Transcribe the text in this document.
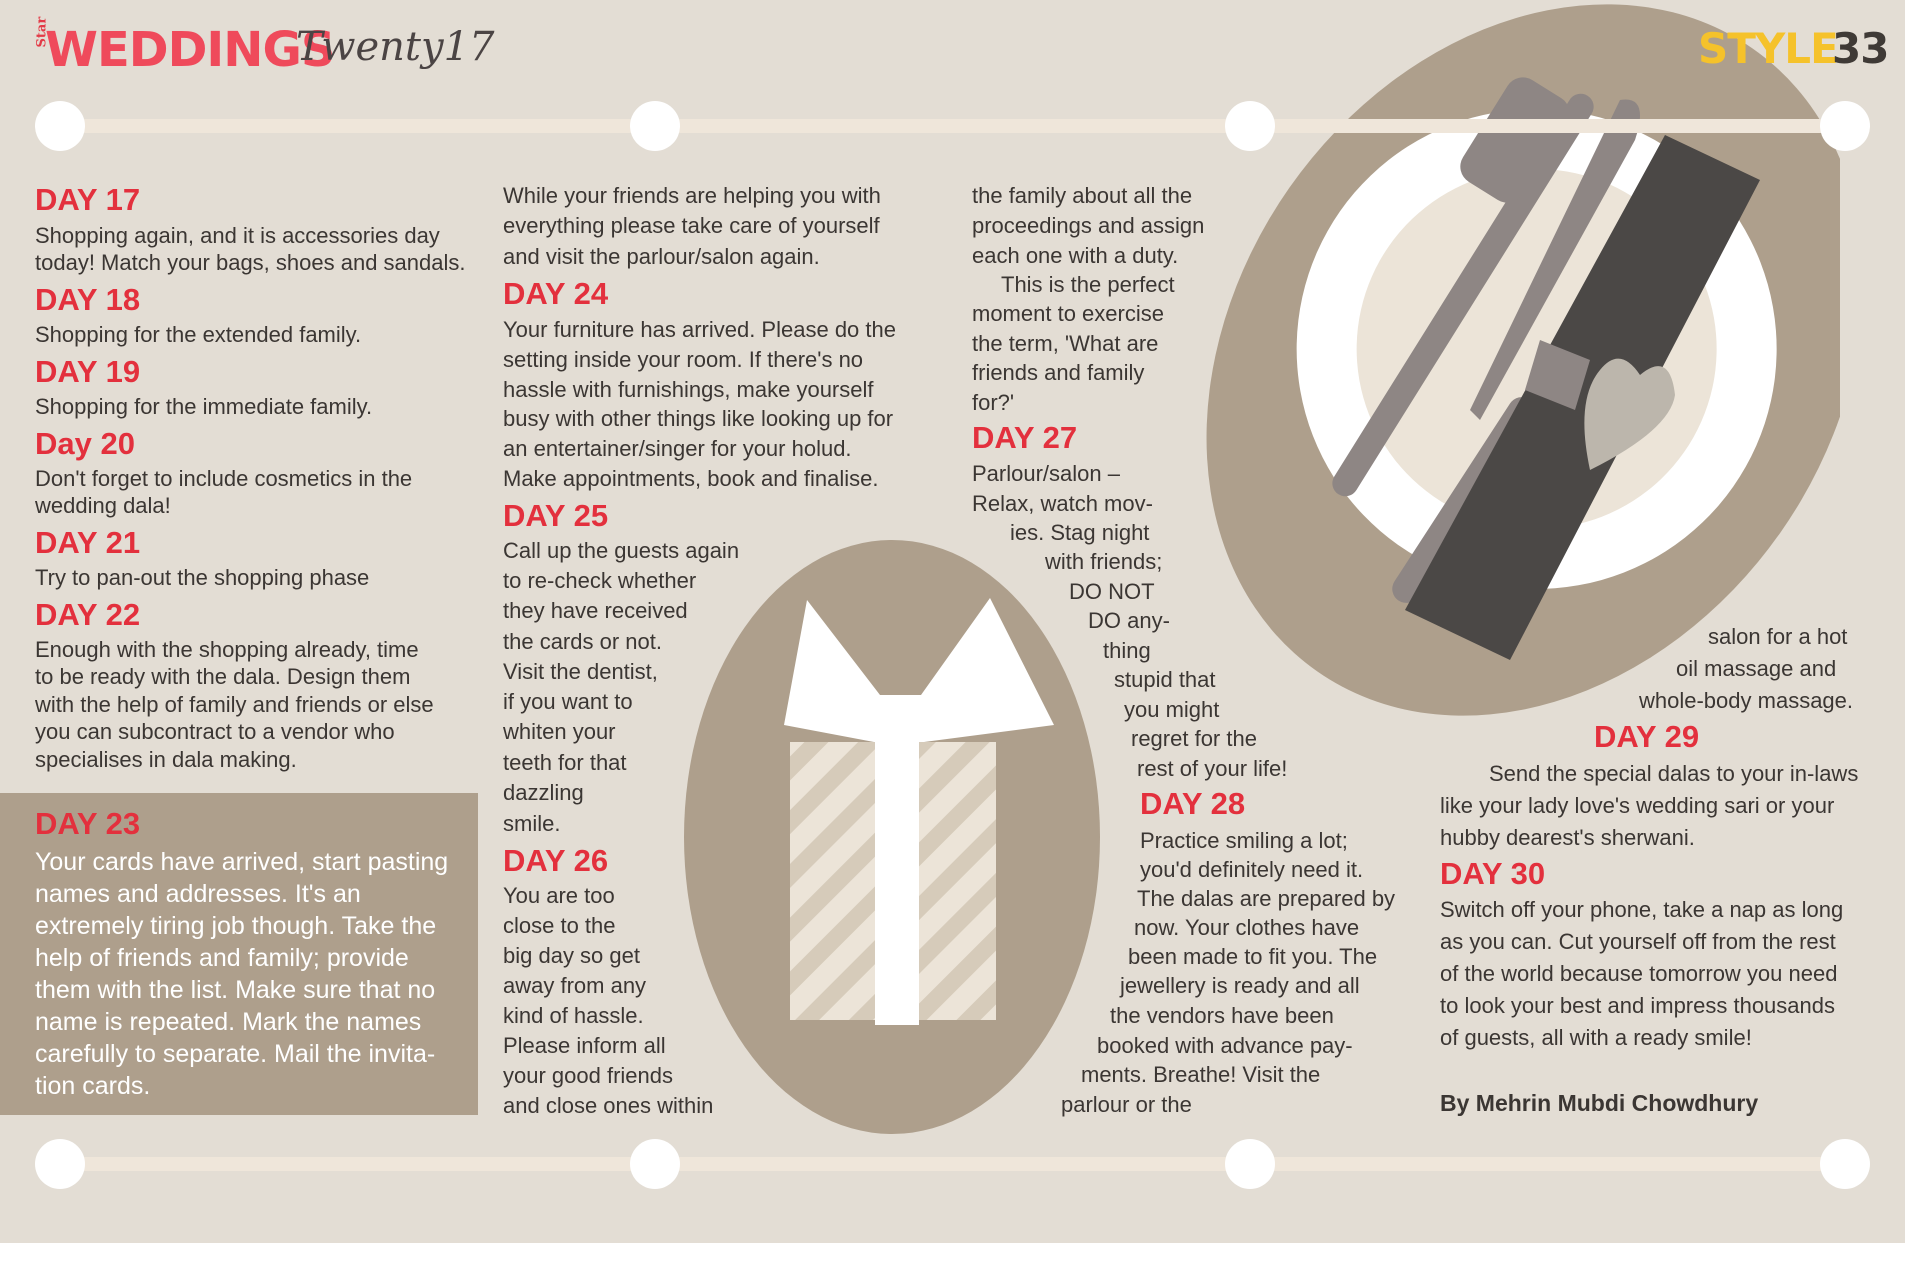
Star
WEDDINGS
Twenty17	STYLE
33
DAY 17
Shopping again, and it is accessories day
today! Match your bags, shoes and sandals.
DAY 18
Shopping for the extended family.
DAY 19
Shopping for the immediate family.
Day 20
Don't forget to include cosmetics in the
wedding dala!
DAY 21
Try to pan-out the shopping phase
DAY 22
Enough with the shopping already, time
to be ready with the dala. Design them
with the help of family and friends or else
you can subcontract to a vendor who
specialises in dala making.
DAY 23
Your cards have arrived, start pasting
names and addresses. It's an
extremely tiring job though. Take the
help of friends and family; provide
them with the list. Make sure that no
name is repeated. Mark the names
carefully to separate. Mail the invita-
tion cards.
While your friends are helping you with
everything please take care of yourself
and visit the parlour/salon again.
DAY 24
Your furniture has arrived. Please do the
setting inside your room. If there's no
hassle with furnishings, make yourself
busy with other things like looking up for
an entertainer/singer for your holud.
Make appointments, book and finalise.
DAY 25
Call up the guests again
to re-check whether
they have received
the cards or not.
Visit the dentist,
if you want to
whiten your
teeth for that
dazzling
smile.
DAY 26
You are too
close to the
big day so get
away from any
kind of hassle.
Please inform all
your good friends
and close ones within
the family about all the
proceedings and assign
each one with a duty.
This is the perfect
moment to exercise
the term, 'What are
friends and family
for?'
DAY 27
Parlour/salon –
Relax, watch mov-
ies. Stag night
with friends;
DO NOT
DO any-
thing
stupid that
you might
regret for the
rest of your life!
DAY 28
Practice smiling a lot;
you'd definitely need it.
The dalas are prepared by
now. Your clothes have
been made to fit you. The
jewellery is ready and all
the vendors have been
booked with advance pay-
ments. Breathe! Visit the
parlour or the
salon for a hot
oil massage and
whole-body massage.
DAY 29
Send the special dalas to your in-laws
like your lady love's wedding sari or your
hubby dearest's sherwani.
DAY 30
Switch off your phone, take a nap as long
as you can. Cut yourself off from the rest
of the world because tomorrow you need
to look your best and impress thousands
of guests, all with a ready smile!
By Mehrin Mubdi Chowdhury
